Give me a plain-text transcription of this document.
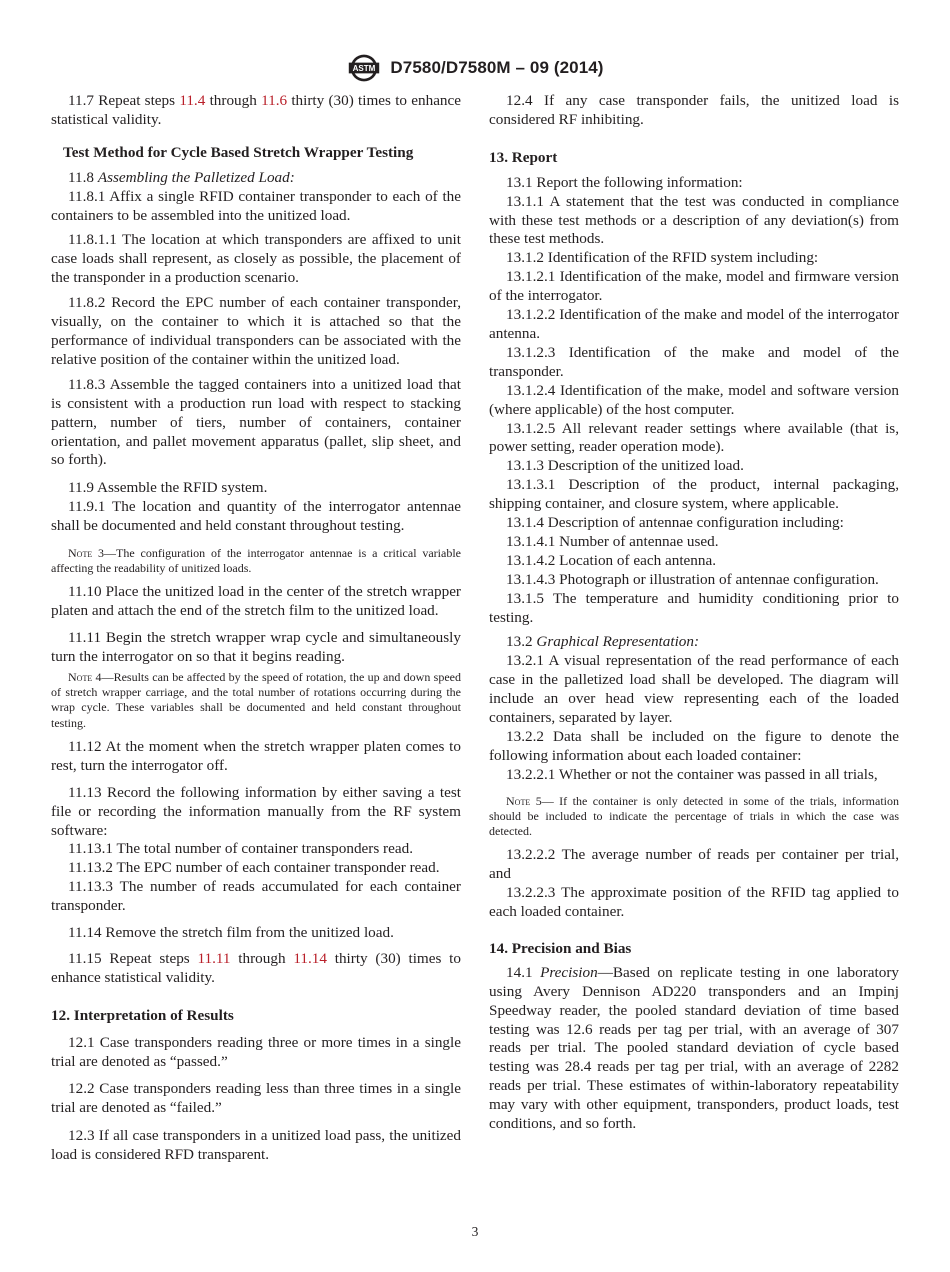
ASTM D7580/D7580M – 09 (2014)

11.7 Repeat steps 11.4 through 11.6 thirty (30) times to enhance statistical validity.

Test Method for Cycle Based Stretch Wrapper Testing

11.8 Assembling the Palletized Load:

11.8.1 Affix a single RFID container transponder to each of the containers to be assembled into the unitized load.

11.8.1.1 The location at which transponders are affixed to unit case loads shall represent, as closely as possible, the placement of the transponder in a production scenario.

11.8.2 Record the EPC number of each container transponder, visually, on the container to which it is attached so that the performance of individual transponders can be associated with the relative position of the container within the unitized load.

11.8.3 Assemble the tagged containers into a unitized load that is consistent with a production run load with respect to stacking pattern, number of tiers, number of containers, container orientation, and pallet movement apparatus (pallet, slip sheet, and so forth).

11.9 Assemble the RFID system.

11.9.1 The location and quantity of the interrogator antennae shall be documented and held constant throughout testing.

Note 3—The configuration of the interrogator antennae is a critical variable affecting the readability of unitized loads.

11.10 Place the unitized load in the center of the stretch wrapper platen and attach the end of the stretch film to the unitized load.

11.11 Begin the stretch wrapper wrap cycle and simultaneously turn the interrogator on so that it begins reading.

Note 4—Results can be affected by the speed of rotation, the up and down speed of stretch wrapper carriage, and the total number of rotations occurring during the wrap cycle. These variables shall be documented and held constant throughout testing.

11.12 At the moment when the stretch wrapper platen comes to rest, turn the interrogator off.

11.13 Record the following information by either saving a test file or recording the information manually from the RF system software:

11.13.1 The total number of container transponders read.

11.13.2 The EPC number of each container transponder read.

11.13.3 The number of reads accumulated for each container transponder.

11.14 Remove the stretch film from the unitized load.

11.15 Repeat steps 11.11 through 11.14 thirty (30) times to enhance statistical validity.

12. Interpretation of Results

12.1 Case transponders reading three or more times in a single trial are denoted as “passed.”

12.2 Case transponders reading less than three times in a single trial are denoted as “failed.”

12.3 If all case transponders in a unitized load pass, the unitized load is considered RFD transparent.

12.4 If any case transponder fails, the unitized load is considered RF inhibiting.

13. Report

13.1 Report the following information:

13.1.1 A statement that the test was conducted in compliance with these test methods or a description of any deviation(s) from these test methods.

13.1.2 Identification of the RFID system including:

13.1.2.1 Identification of the make, model and firmware version of the interrogator.

13.1.2.2 Identification of the make and model of the interrogator antenna.

13.1.2.3 Identification of the make and model of the transponder.

13.1.2.4 Identification of the make, model and software version (where applicable) of the host computer.

13.1.2.5 All relevant reader settings where available (that is, power setting, reader operation mode).

13.1.3 Description of the unitized load.

13.1.3.1 Description of the product, internal packaging, shipping container, and closure system, where applicable.

13.1.4 Description of antennae configuration including:

13.1.4.1 Number of antennae used.

13.1.4.2 Location of each antenna.

13.1.4.3 Photograph or illustration of antennae configuration.

13.1.5 The temperature and humidity conditioning prior to testing.

13.2 Graphical Representation:

13.2.1 A visual representation of the read performance of each case in the palletized load shall be developed. The diagram will include an over head view representing each of the loaded containers, separated by layer.

13.2.2 Data shall be included on the figure to denote the following information about each loaded container:

13.2.2.1 Whether or not the container was passed in all trials,

Note 5— If the container is only detected in some of the trials, information should be included to indicate the percentage of trials in which the case was detected.

13.2.2.2 The average number of reads per container per trial, and

13.2.2.3 The approximate position of the RFID tag applied to each loaded container.

14. Precision and Bias

14.1 Precision—Based on replicate testing in one laboratory using Avery Dennison AD220 transponders and an Impinj Speedway reader, the pooled standard deviation of time based testing was 12.6 reads per tag per trial, with an average of 307 reads per trial. The pooled standard deviation of cycle based testing was 28.4 reads per tag per trial, with an average of 2282 reads per trial. These estimates of within-laboratory repeatability may vary with other equipment, transponders, product loads, test conditions, and so forth.

3
